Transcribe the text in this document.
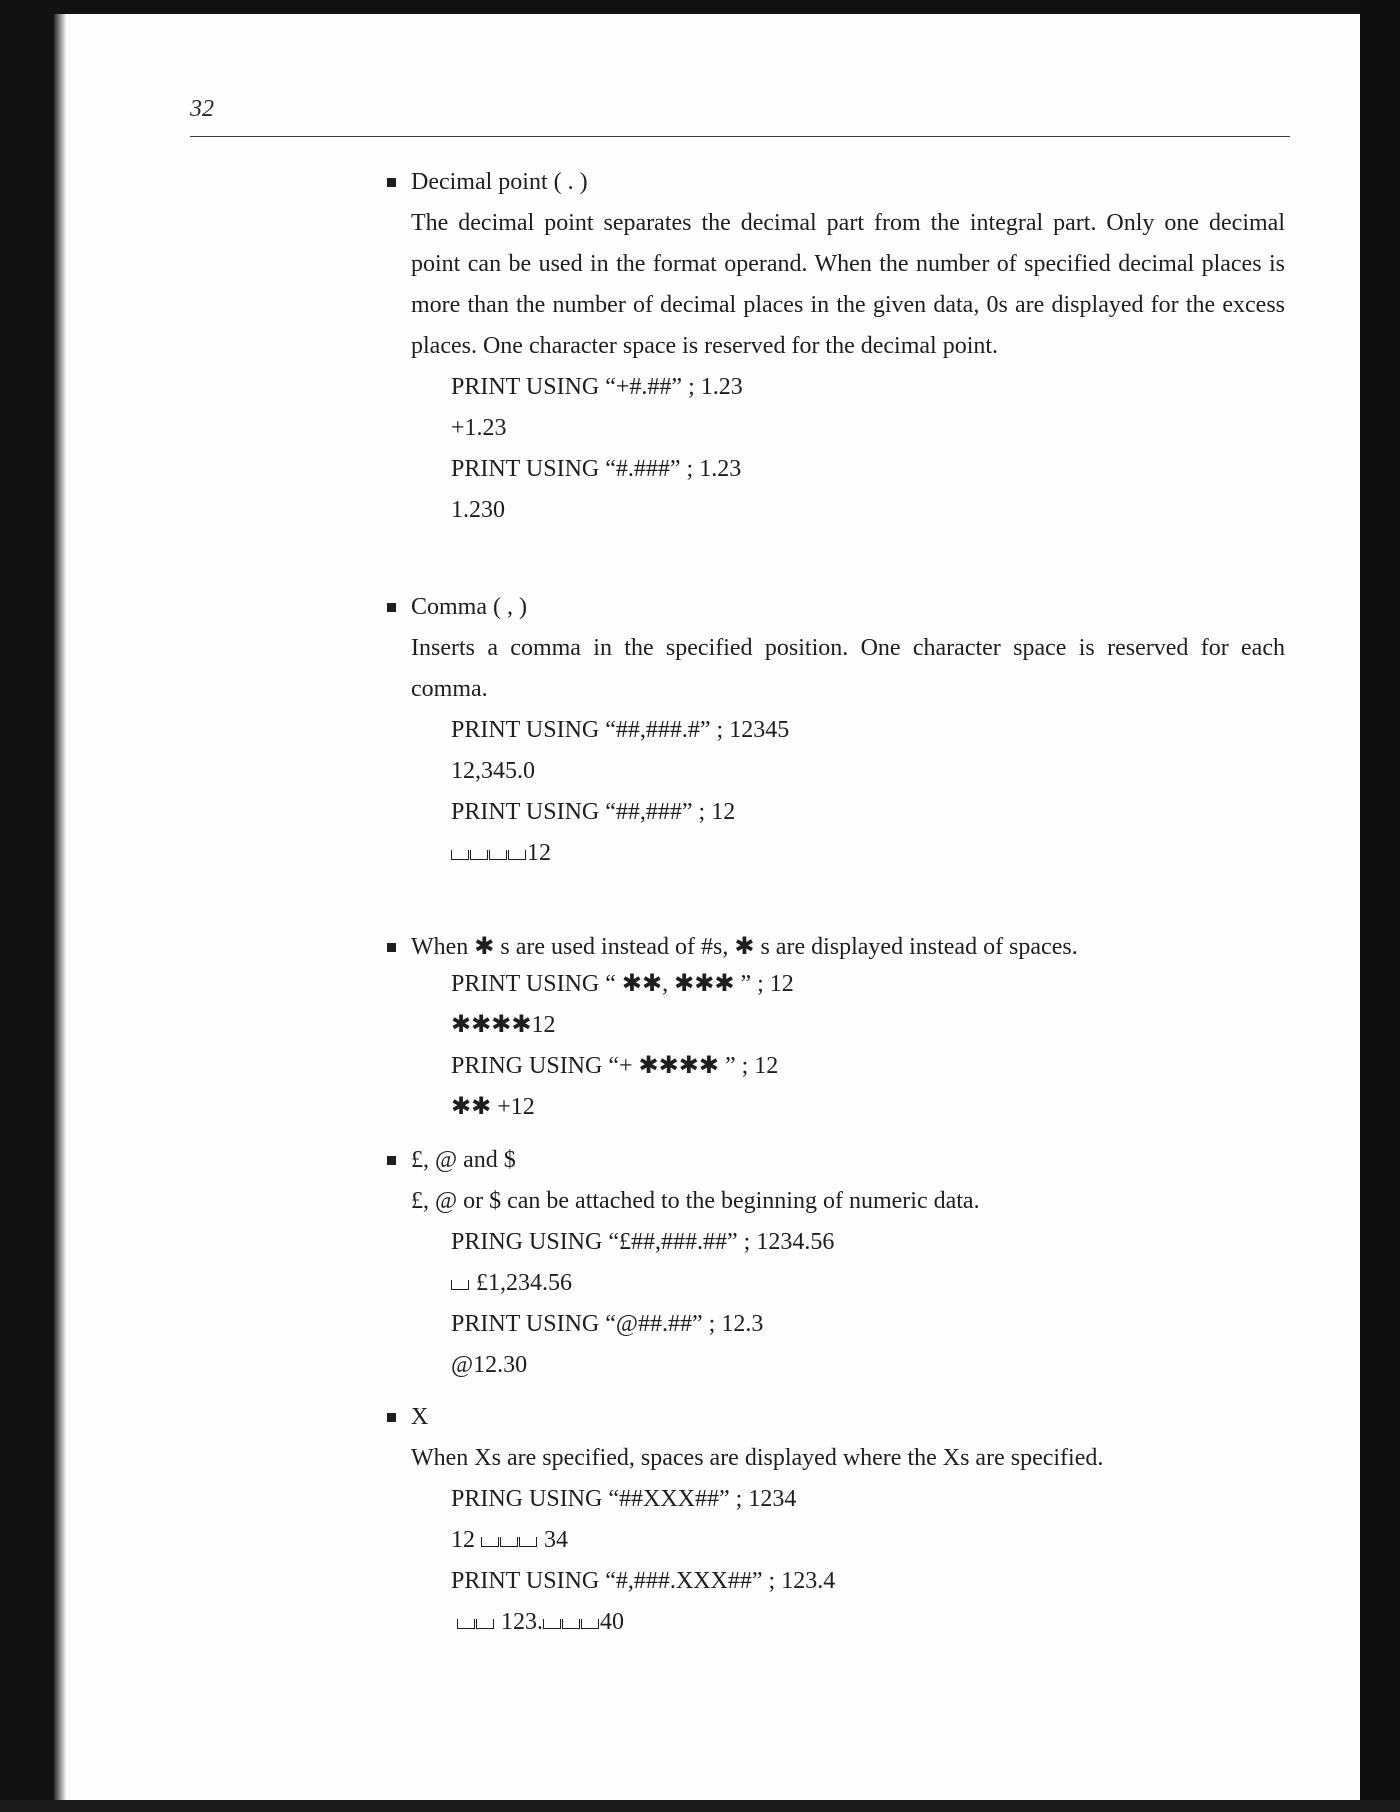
32
Decimal point ( . )
The decimal point separates the decimal part from the integral part. Only one decimal point can be used in the format operand. When the number of specified decimal places is more than the number of decimal places in the given data, 0s are displayed for the excess places. One character space is reserved for the decimal point.
PRINT USING “+#.##” ; 1.23
+1.23
PRINT USING “#.###” ; 1.23
1.230
Comma ( , )
Inserts a comma in the specified position. One character space is reserved for each comma.
PRINT USING “##,###.#” ; 12345
12,345.0
PRINT USING “##,###” ; 12
12
When ✱ s are used instead of #s, ✱ s are displayed instead of spaces.
PRINT USING “ ✱✱, ✱✱✱ ” ; 12
✱✱✱✱12
PRING USING “+ ✱✱✱✱ ” ; 12
✱✱ +12
£, @ and $
£, @ or $ can be attached to the beginning of numeric data.
PRING USING “£##,###.##” ; 1234.56
£1,234.56
PRINT USING “@##.##” ; 12.3
@12.30
X
When Xs are specified, spaces are displayed where the Xs are specified.
PRING USING “##XXX##” ; 1234
12	34
PRINT USING “#,###.XXX##” ; 123.4
123. 40
